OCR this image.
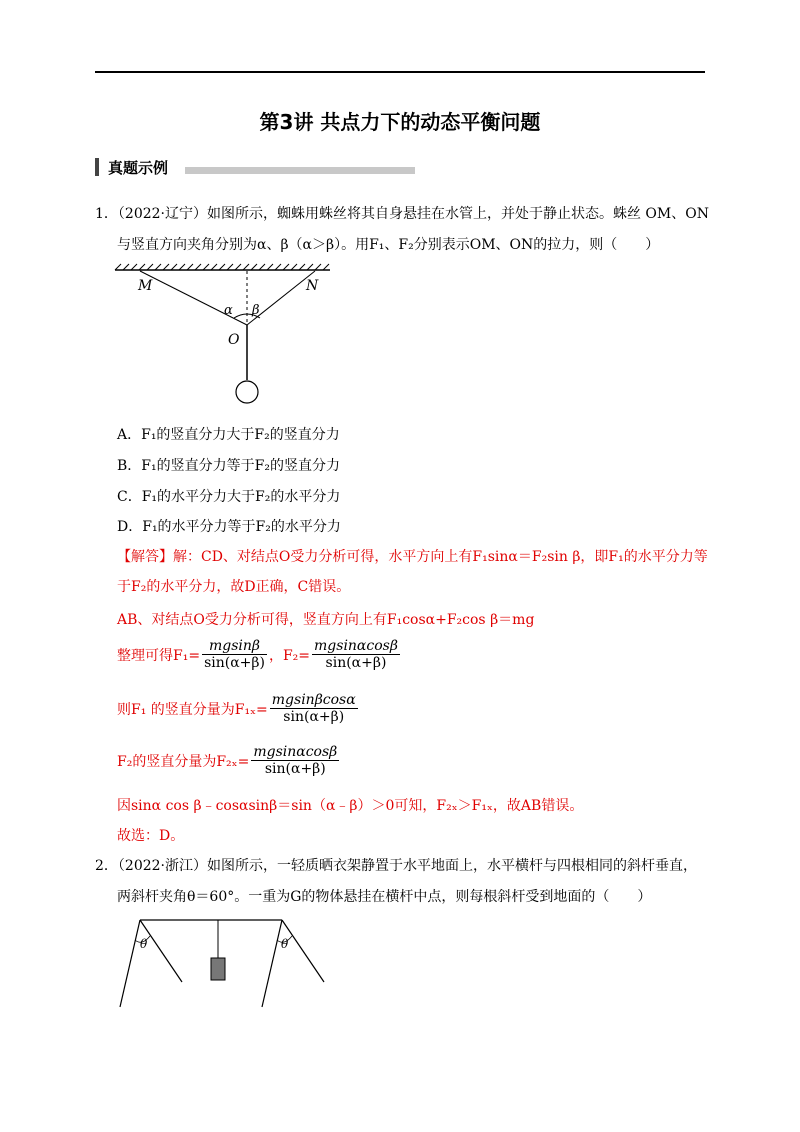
第3讲 共点力下的动态平衡问题
真题示例
1．（2022·辽宁）如图所示，蜘蛛用蛛丝将其自身悬挂在水管上，并处于静止状态。蛛丝 OM、ON
与竖直方向夹角分别为α、β（α＞β）。用F₁、F₂分别表示OM、ON的拉力，则（　　）
M	N
α β
O
A．F₁的竖直分力大于F₂的竖直分力
B．F₁的竖直分力等于F₂的竖直分力
C．F₁的水平分力大于F₂的水平分力
D．F₁的水平分力等于F₂的水平分力
【解答】解：CD、对结点O受力分析可得，水平方向上有F₁sinα＝F₂sin β，即F₁的水平分力等
于F₂的水平分力，故D正确，C错误。
AB、对结点O受力分析可得，竖直方向上有F₁cosα+F₂cos β＝mg
整理可得$F_1= \frac{mgsin\beta}{\sin(\alpha+\beta)}$ ，$F_2= \frac{mgsin\alpha\cos\beta}{\sin(\alpha+\beta)}$
则F₁ 的竖直分量为$F_{1x}= \frac{mgsin\beta\cos\alpha}{\sin(\alpha+\beta)}$
F₂的竖直分量为$F_{2x}= \frac{mgsin\alpha\cos\beta}{\sin(\alpha+\beta)}$
因sinα cos β﹣cosαsinβ＝sin（α﹣β）＞0可知，F₂ₓ＞F₁ₓ，故AB错误。
故选：D。
2．（2022·浙江）如图所示，一轻质晒衣架静置于水平地面上，水平横杆与四根相同的斜杆垂直，
两斜杆夹角θ＝60°。一重为G的物体悬挂在横杆中点，则每根斜杆受到地面的（　　）
θ	θ
